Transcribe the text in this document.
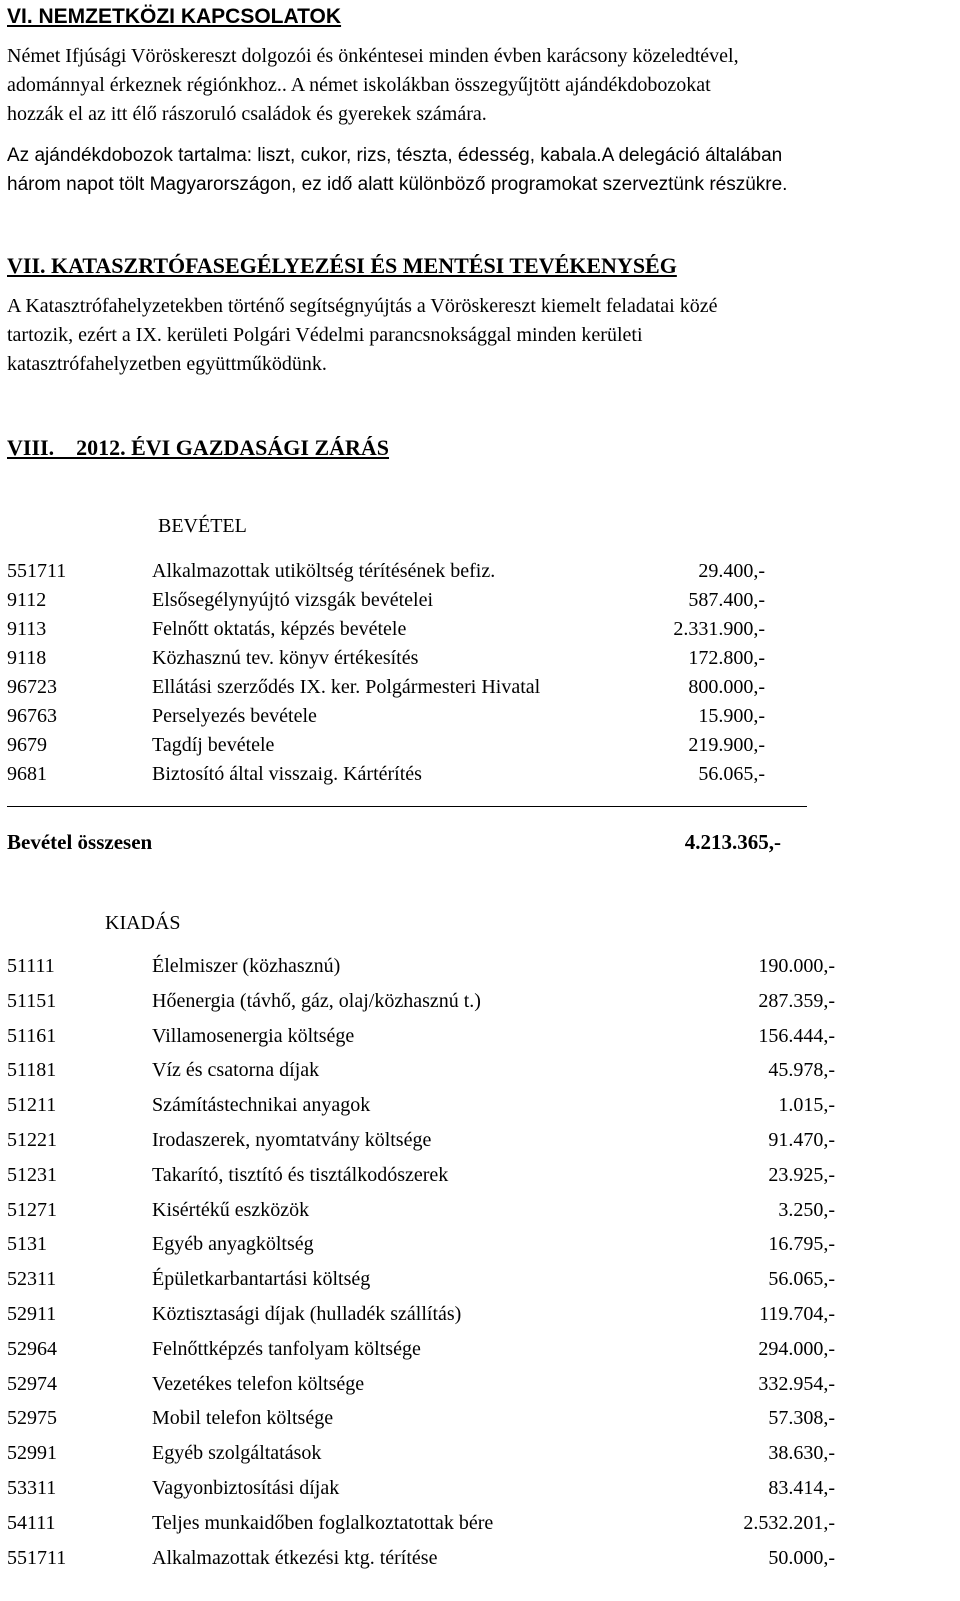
VI. NEMZETKÖZI KAPCSOLATOK
Német Ifjúsági Vöröskereszt dolgozói és önkéntesei minden évben karácsony közeledtével,
adománnyal érkeznek régiónkhoz.. A német iskolákban összegyűjtött ajándékdobozokat
hozzák el az itt élő rászoruló családok és gyerekek számára.
Az ajándékdobozok tartalma: liszt, cukor, rizs, tészta, édesség, kabala.A delegáció általában
három napot tölt Magyarországon, ez idő alatt különböző programokat szerveztünk részükre.
VII. KATASZRTÓFASEGÉLYEZÉSI ÉS MENTÉSI TEVÉKENYSÉG
A Katasztrófahelyzetekben történő segítségnyújtás a Vöröskereszt kiemelt feladatai közé
tartozik, ezért a IX. kerületi Polgári Védelmi parancsnoksággal minden kerületi
katasztrófahelyzetben együttműködünk.
VIII.    2012. ÉVI GAZDASÁGI ZÁRÁS
BEVÉTEL
551711	Alkalmazottak utiköltség térítésének befiz.	29.400,-
9112	Elsősegélynyújtó vizsgák bevételei	587.400,-
9113	Felnőtt oktatás, képzés bevétele	2.331.900,-
9118	Közhasznú tev. könyv értékesítés	172.800,-
96723	Ellátási szerződés IX. ker. Polgármesteri Hivatal	800.000,-
96763	Perselyezés bevétele	15.900,-
9679	Tagdíj bevétele	219.900,-
9681	Biztosító által visszaig. Kártérítés	56.065,-
Bevétel összesen	4.213.365,-
KIADÁS
51111	Élelmiszer (közhasznú)	190.000,-
51151	Hőenergia (távhő, gáz, olaj/közhasznú t.)	287.359,-
51161	Villamosenergia költsége	156.444,-
51181	Víz és csatorna díjak	45.978,-
51211	Számítástechnikai anyagok	1.015,-
51221	Irodaszerek, nyomtatvány költsége	91.470,-
51231	Takarító, tisztító és tisztálkodószerek	23.925,-
51271	Kisértékű eszközök	3.250,-
5131	Egyéb anyagköltség	16.795,-
52311	Épületkarbantartási költség	56.065,-
52911	Köztisztasági díjak (hulladék szállítás)	119.704,-
52964	Felnőttképzés tanfolyam költsége	294.000,-
52974	Vezetékes telefon költsége	332.954,-
52975	Mobil telefon költsége	57.308,-
52991	Egyéb szolgáltatások	38.630,-
53311	Vagyonbiztosítási díjak	83.414,-
54111	Teljes munkaidőben foglalkoztatottak bére	2.532.201,-
551711	Alkalmazottak étkezési ktg. térítése	50.000,-
